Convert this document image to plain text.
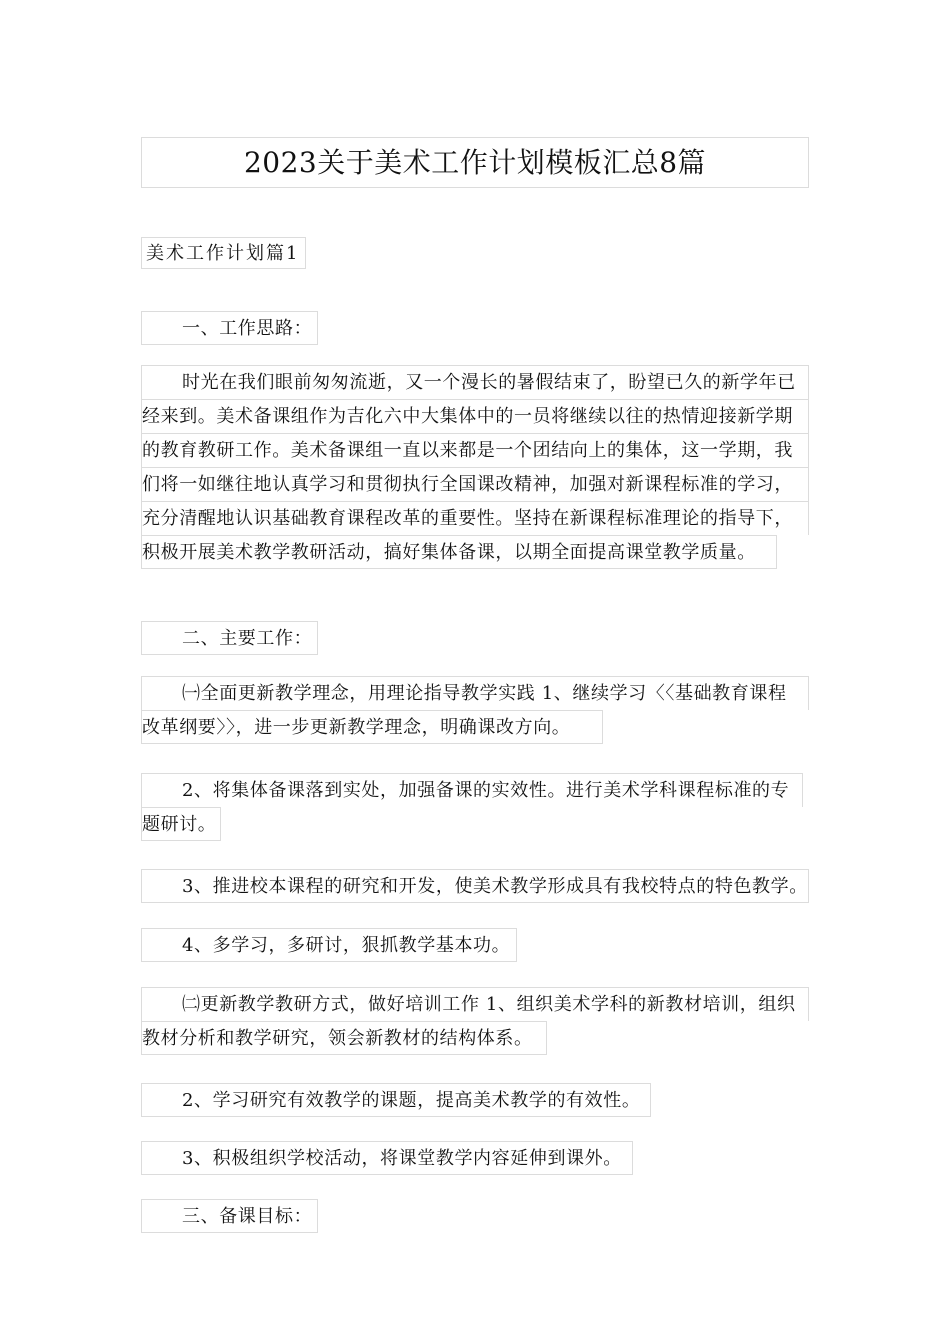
2023关于美术工作计划模板汇总8篇
美术工作计划篇1
一、工作思路：
时光在我们眼前匆匆流逝，又一个漫长的暑假结束了，盼望已久的新学年已
经来到。美术备课组作为吉化六中大集体中的一员将继续以往的热情迎接新学期
的教育教研工作。美术备课组一直以来都是一个团结向上的集体，这一学期，我
们将一如继往地认真学习和贯彻执行全国课改精神，加强对新课程标准的学习，
充分清醒地认识基础教育课程改革的重要性。坚持在新课程标准理论的指导下，
积极开展美术教学教研活动，搞好集体备课，以期全面提高课堂教学质量。
二、主要工作：
㈠全面更新教学理念，用理论指导教学实践 1、继续学习〈〈基础教育课程
改革纲要〉〉，进一步更新教学理念，明确课改方向。
2、将集体备课落到实处，加强备课的实效性。进行美术学科课程标准的专
题研讨。
3、推进校本课程的研究和开发，使美术教学形成具有我校特点的特色教学。
4、多学习，多研讨，狠抓教学基本功。
㈡更新教学教研方式，做好培训工作 1、组织美术学科的新教材培训，组织
教材分析和教学研究，领会新教材的结构体系。
2、学习研究有效教学的课题，提高美术教学的有效性。
3、积极组织学校活动，将课堂教学内容延伸到课外。
三、备课目标：
